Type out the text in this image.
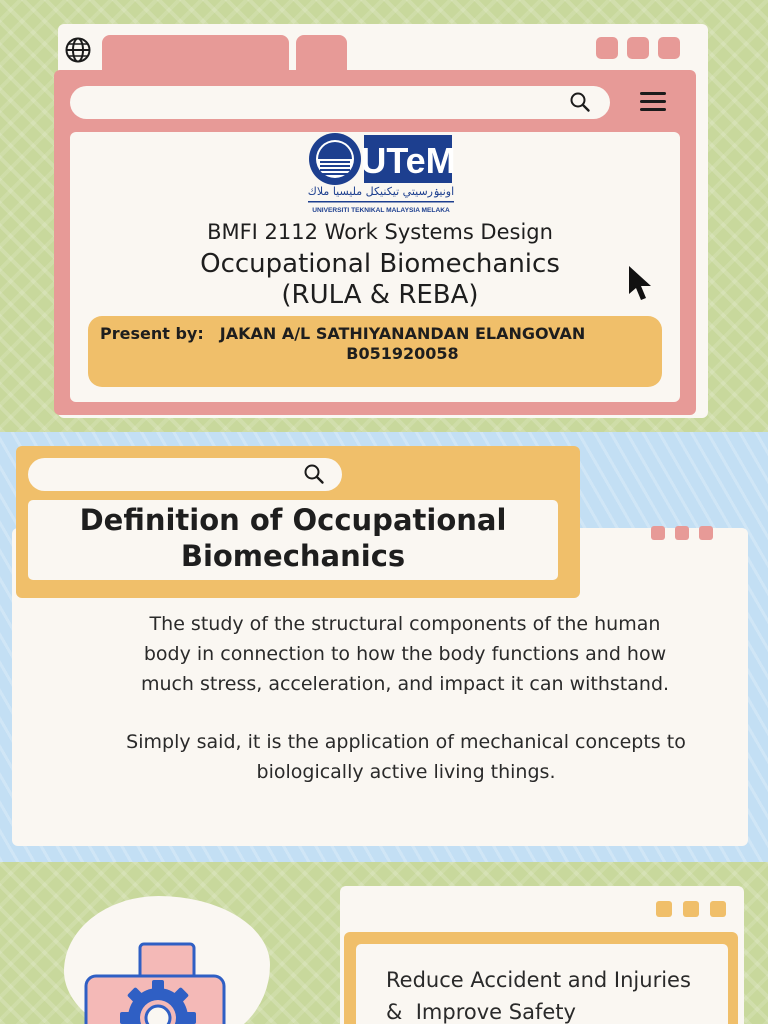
UTeM
اونيۏرسيتي تيكنيكل مليسيا ملاك
UNIVERSITI TEKNIKAL MALAYSIA MELAKA
BMFI 2112 Work Systems Design
Occupational Biomechanics
(RULA & REBA)
Present by:	JAKAN A/L SATHIYANANDAN ELANGOVAN
B051920058
Definition of Occupational
Biomechanics
The study of the structural components of the human
body in connection to how the body functions and how
much stress, acceleration, and impact it can withstand.
Simply said, it is the application of mechanical concepts to
biologically active living things.
Reduce Accident and Injuries
&  Improve Safety
